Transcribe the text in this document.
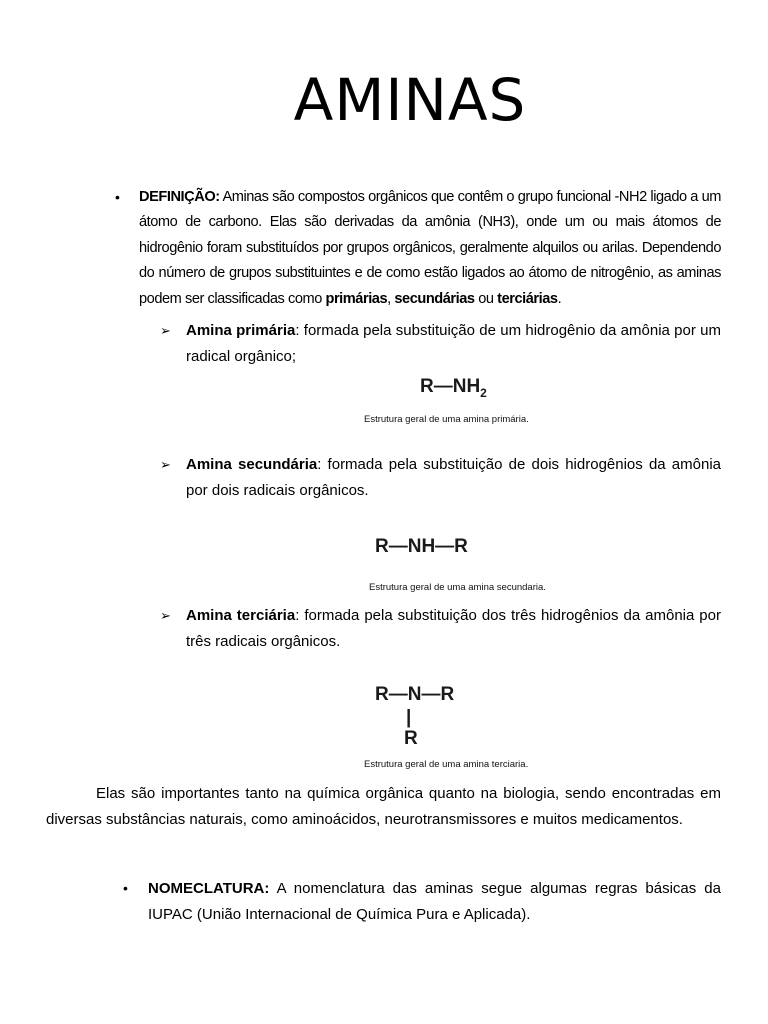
AMINAS
• DEFINIÇÃO: Aminas são compostos orgânicos que contêm o grupo funcional -NH2 ligado a um átomo de carbono. Elas são derivadas da amônia (NH3), onde um ou mais átomos de hidrogênio foram substituídos por grupos orgânicos, geralmente alquilos ou arilas. Dependendo do número de grupos substituintes e de como estão ligados ao átomo de nitrogênio, as aminas podem ser classificadas como primárias, secundárias ou terciárias.

➢ Amina primária: formada pela substituição de um hidrogênio da amônia por um radical orgânico;

$R—NH_2$
Estrutura geral de uma amina primária.
➢ Amina secundária: formada pela substituição de dois hidrogênios da amônia por dois radicais orgânicos.

R—NH—R
Estrutura geral de uma amina secundaria.
➢ Amina terciária: formada pela substituição dos três hidrogênios da amônia por três radicais orgânicos.

R—N—R
|
R
Estrutura geral de uma amina terciaria.

Elas são importantes tanto na química orgânica quanto na biologia, sendo encontradas em diversas substâncias naturais, como aminoácidos, neurotransmissores e muitos medicamentos.

• NOMECLATURA: A nomenclatura das aminas segue algumas regras básicas da IUPAC (União Internacional de Química Pura e Aplicada).
